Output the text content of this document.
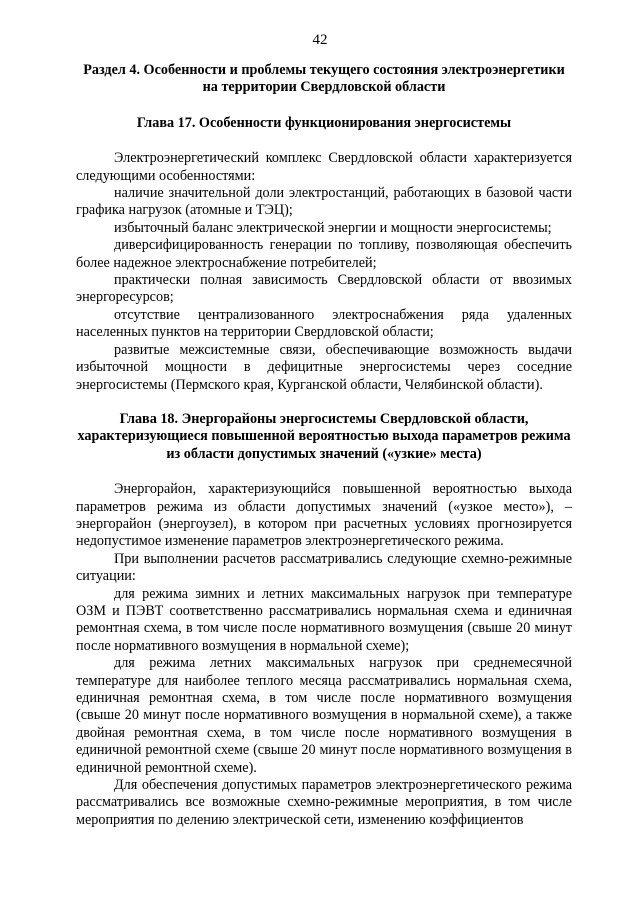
42
Раздел 4. Особенности и проблемы текущего состояния электроэнергетики на территории Свердловской области
Глава 17. Особенности функционирования энергосистемы

Электроэнергетический комплекс Свердловской области характеризуется следующими особенностями:

наличие значительной доли электростанций, работающих в базовой части графика нагрузок (атомные и ТЭЦ);

избыточный баланс электрической энергии и мощности энергосистемы;

диверсифицированность генерации по топливу, позволяющая обеспечить более надежное электроснабжение потребителей;

практически полная зависимость Свердловской области от ввозимых энергоресурсов;

отсутствие централизованного электроснабжения ряда удаленных населенных пунктов на территории Свердловской области;

развитые межсистемные связи, обеспечивающие возможность выдачи избыточной мощности в дефицитные энергосистемы через соседние энергосистемы (Пермского края, Курганской области, Челябинской области).

Глава 18. Энергорайоны энергосистемы Свердловской области, характеризующиеся повышенной вероятностью выхода параметров режима из области допустимых значений («узкие» места)

Энергорайон, характеризующийся повышенной вероятностью выхода параметров режима из области допустимых значений («узкое место»), – энергорайон (энергоузел), в котором при расчетных условиях прогнозируется недопустимое изменение параметров электроэнергетического режима.

При выполнении расчетов рассматривались следующие схемно-режимные ситуации:

для режима зимних и летних максимальных нагрузок при температуре ОЗМ и ПЭВТ соответственно рассматривались нормальная схема и единичная ремонтная схема, в том числе после нормативного возмущения (свыше 20 минут после нормативного возмущения в нормальной схеме);

для режима летних максимальных нагрузок при среднемесячной температуре для наиболее теплого месяца рассматривались нормальная схема, единичная ремонтная схема, в том числе после нормативного возмущения (свыше 20 минут после нормативного возмущения в нормальной схеме), а также двойная ремонтная схема, в том числе после нормативного возмущения в единичной ремонтной схеме (свыше 20 минут после нормативного возмущения в единичной ремонтной схеме).

Для обеспечения допустимых параметров электроэнергетического режима рассматривались все возможные схемно-режимные мероприятия, в том числе мероприятия по делению электрической сети, изменению коэффициентов
